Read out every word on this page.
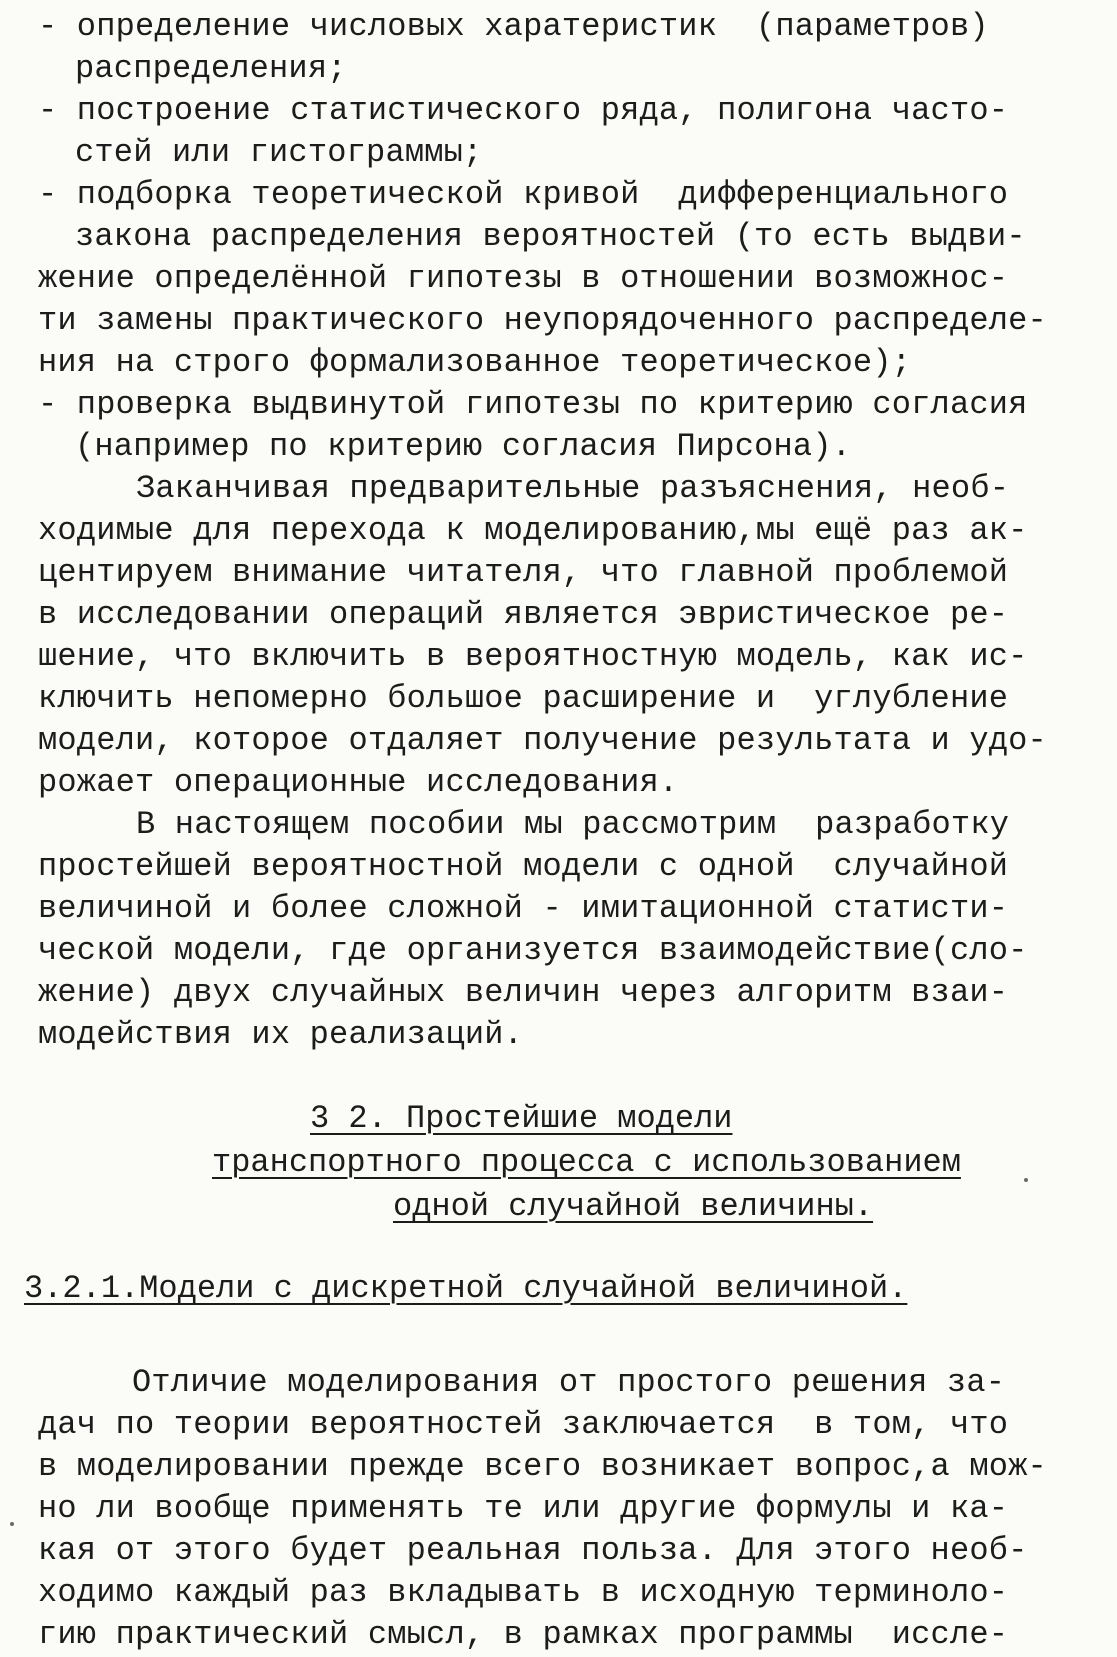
- определение числовых харатеристик  (параметров)
распределения;
- построение статистического ряда, полигона часто-
стей или гистограммы;
- подборка теоретической кривой  дифференциального
закона распределения вероятностей (то есть выдви-
жение определённой гипотезы в отношении возможнос-
ти замены практического неупорядоченного распределе-
ния на строго формализованное теоретическое);
- проверка выдвинутой гипотезы по критерию согласия
(например по критерию согласия Пирсона).
Заканчивая предварительные разъяснения, необ-
ходимые для перехода к моделированию,мы ещё раз ак-
центируем внимание читателя, что главной проблемой
в исследовании операций является эвристическое ре-
шение, что включить в вероятностную модель, как ис-
ключить непомерно большое расширение и  углубление
модели, которое отдаляет получение результата и удо-
рожает операционные исследования.
В настоящем пособии мы рассмотрим  разработку
простейшей вероятностной модели с одной  случайной
величиной и более сложной - имитационной статисти-
ческой модели, где организуется взаимодействие(сло-
жение) двух случайных величин через алгоритм взаи-
модействия их реализаций.
3 2. Простейшие модели
транспортного процесса с использованием
одной случайной величины.
3.2.1.Модели с дискретной случайной величиной.
Отличие моделирования от простого решения за-
дач по теории вероятностей заключается  в том, что
в моделировании прежде всего возникает вопрос,а мож-
но ли вообще применять те или другие формулы и ка-
кая от этого будет реальная польза. Для этого необ-
ходимо каждый раз вкладывать в исходную терминоло-
гию практический смысл, в рамках программы  иссле-
